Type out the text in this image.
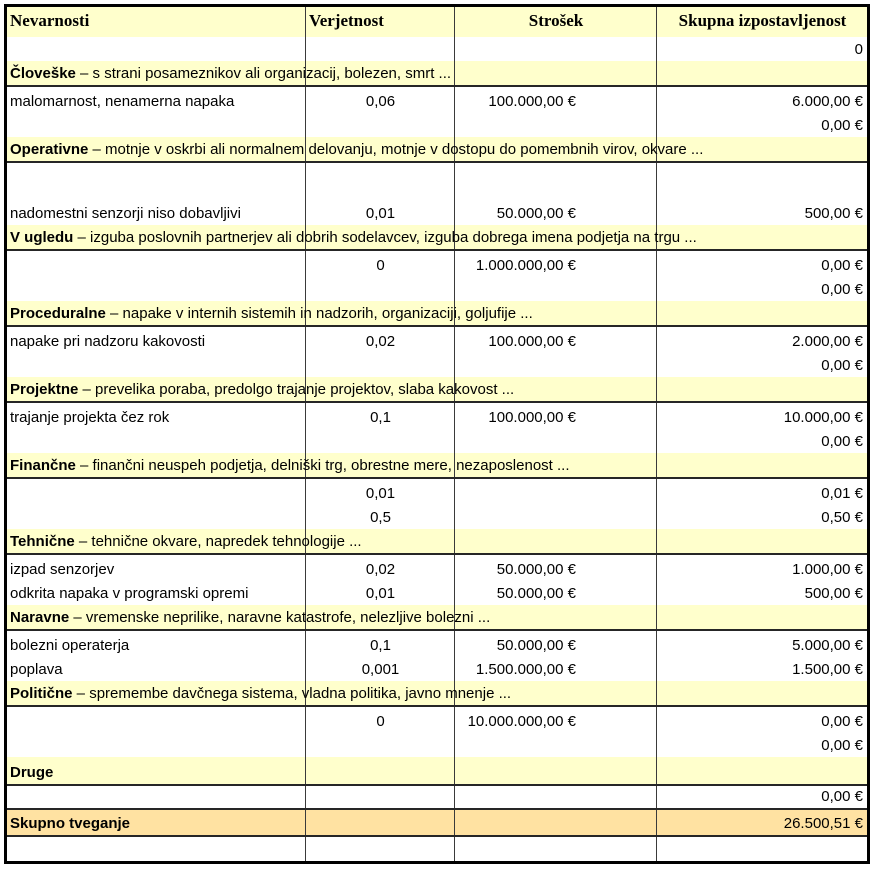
Nevarnosti	Verjetnost	Strošek	Skupna izpostavljenost
			0

Človeške – s strani posameznikov ali organizacij, bolezen, smrt ...			

malomarnost, nenamerna napaka	0,06	100.000,00 €	6.000,00 €
			0,00 €

Operativne – motnje v oskrbi ali normalnem delovanju, motnje v dostopu do pomembnih virov, okvare ...			

nadomestni senzorji niso dobavljivi	0,01	50.000,00 €	500,00 €

V ugledu – izguba poslovnih partnerjev ali dobrih sodelavcev, izguba dobrega imena podjetja na trgu ...			

	0	1.000.000,00 €	0,00 €
			0,00 €

Proceduralne – napake v internih sistemih in nadzorih, organizaciji, goljufije ...			

napake pri nadzoru kakovosti	0,02	100.000,00 €	2.000,00 €
			0,00 €

Projektne – prevelika poraba, predolgo trajanje projektov, slaba kakovost ...			

trajanje projekta čez rok	0,1	100.000,00 €	10.000,00 €
			0,00 €

Finančne – finančni neuspeh podjetja, delniški trg, obrestne mere, nezaposlenost ...			

	0,01		0,01 €
	0,5		0,50 €

Tehnične – tehnične okvare, napredek tehnologije ...			

izpad senzorjev	0,02	50.000,00 €	1.000,00 €
odkrita napaka v programski opremi	0,01	50.000,00 €	500,00 €

Naravne – vremenske neprilike, naravne katastrofe, nelezljive bolezni ...			

bolezni operaterja	0,1	50.000,00 €	5.000,00 €
poplava	0,001	1.500.000,00 €	1.500,00 €

Politične – spremembe davčnega sistema, vladna politika, javno mnenje ...			

	0	10.000.000,00 €	0,00 €
			0,00 €

Druge			

			0,00 €
Skupno tveganje			26.500,51 €
